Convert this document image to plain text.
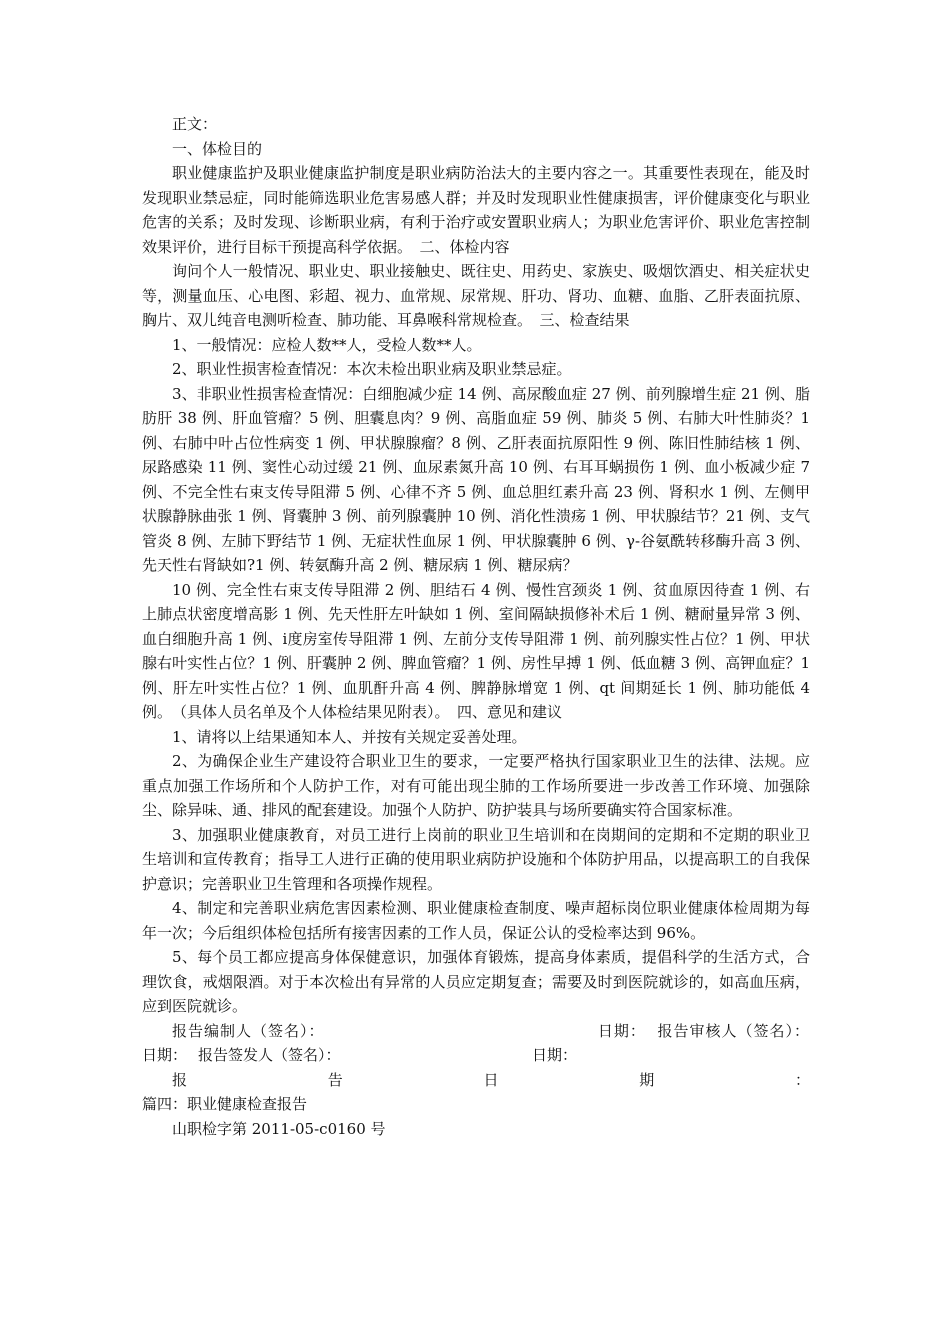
正文：

一、体检目的

职业健康监护及职业健康监护制度是职业病防治法大的主要内容之一。其重要性表现在，能及时发现职业禁忌症，同时能筛选职业危害易感人群；并及时发现职业性健康损害，评价健康变化与职业危害的关系；及时发现、诊断职业病，有利于治疗或安置职业病人；为职业危害评价、职业危害控制效果评价，进行目标干预提高科学依据。　二、体检内容

询问个人一般情况、职业史、职业接触史、既往史、用药史、家族史、吸烟饮酒史、相关症状史等，测量血压、心电图、彩超、视力、血常规、尿常规、肝功、肾功、血糖、血脂、乙肝表面抗原、胸片、双儿纯音电测听检查、肺功能、耳鼻喉科常规检查。　三、检查结果

1、一般情况：应检人数**人，受检人数**人。

2、职业性损害检查情况：本次未检出职业病及职业禁忌症。

3、非职业性损害检查情况：白细胞减少症 14 例、高尿酸血症 27 例、前列腺增生症 21 例、脂肪肝 38 例、肝血管瘤？5 例、胆囊息肉？9 例、高脂血症 59 例、肺炎 5 例、右肺大叶性肺炎？1 例、右肺中叶占位性病变 1 例、甲状腺腺瘤？8 例、乙肝表面抗原阳性 9 例、陈旧性肺结核 1 例、尿路感染 11 例、窦性心动过缓 21 例、血尿素氮升高 10 例、右耳耳蜗损伤 1 例、血小板减少症 7 例、不完全性右束支传导阻滞 5 例、心律不齐 5 例、血总胆红素升高 23 例、肾积水 1 例、左侧甲状腺静脉曲张 1 例、肾囊肿 3 例、前列腺囊肿 10 例、消化性溃疡 1 例、甲状腺结节？21 例、支气管炎 8 例、左肺下野结节 1 例、无症状性血尿 1 例、甲状腺囊肿 6 例、γ-谷氨酰转移酶升高 3 例、先天性右肾缺如?1 例、转氨酶升高 2 例、糖尿病 1 例、糖尿病？

10 例、完全性右束支传导阻滞 2 例、胆结石 4 例、慢性宫颈炎 1 例、贫血原因待查 1 例、右上肺点状密度增高影 1 例、先天性肝左叶缺如 1 例、室间隔缺损修补术后 1 例、糖耐量异常 3 例、血白细胞升高 1 例、ⅰ度房室传导阻滞 1 例、左前分支传导阻滞 1 例、前列腺实性占位？1 例、甲状腺右叶实性占位？1 例、肝囊肿 2 例、脾血管瘤？1 例、房性早搏 1 例、低血糖 3 例、高钾血症？1 例、肝左叶实性占位？1 例、血肌酐升高 4 例、脾静脉增宽 1 例、qt 间期延长 1 例、肺功能低 4 例。　（具体人员名单及个人体检结果见附表）。　四、意见和建议

1、请将以上结果通知本人、并按有关规定妥善处理。

2、为确保企业生产建设符合职业卫生的要求，一定要严格执行国家职业卫生的法律、法规。应重点加强工作场所和个人防护工作，对有可能出现尘肺的工作场所要进一步改善工作环境、加强除尘、除异味、通、排风的配套建设。加强个人防护、防护装具与场所要确实符合国家标准。

3、加强职业健康教育，对员工进行上岗前的职业卫生培训和在岗期间的定期和不定期的职业卫生培训和宣传教育；指导工人进行正确的使用职业病防护设施和个体防护用品，以提高职工的自我保护意识；完善职业卫生管理和各项操作规程。

4、制定和完善职业病危害因素检测、职业健康检查制度、噪声超标岗位职业健康体检周期为每年一次；今后组织体检包括所有接害因素的工作人员，保证公认的受检率达到 96%。

5、每个员工都应提高身体保健意识，加强体育锻炼，提高身体素质，提倡科学的生活方式，合理饮食，戒烟限酒。对于本次检出有异常的人员应定期复查；需要及时到医院就诊的，如高血压病，应到医院就诊。

报告编制人（签名）：	日期： 报告审核人（签名）：
日期： 报告签发人（签名）：	日期：
报	告	日	期	：

篇四：职业健康检查报告

山职检字第 2011-05-c0160 号
